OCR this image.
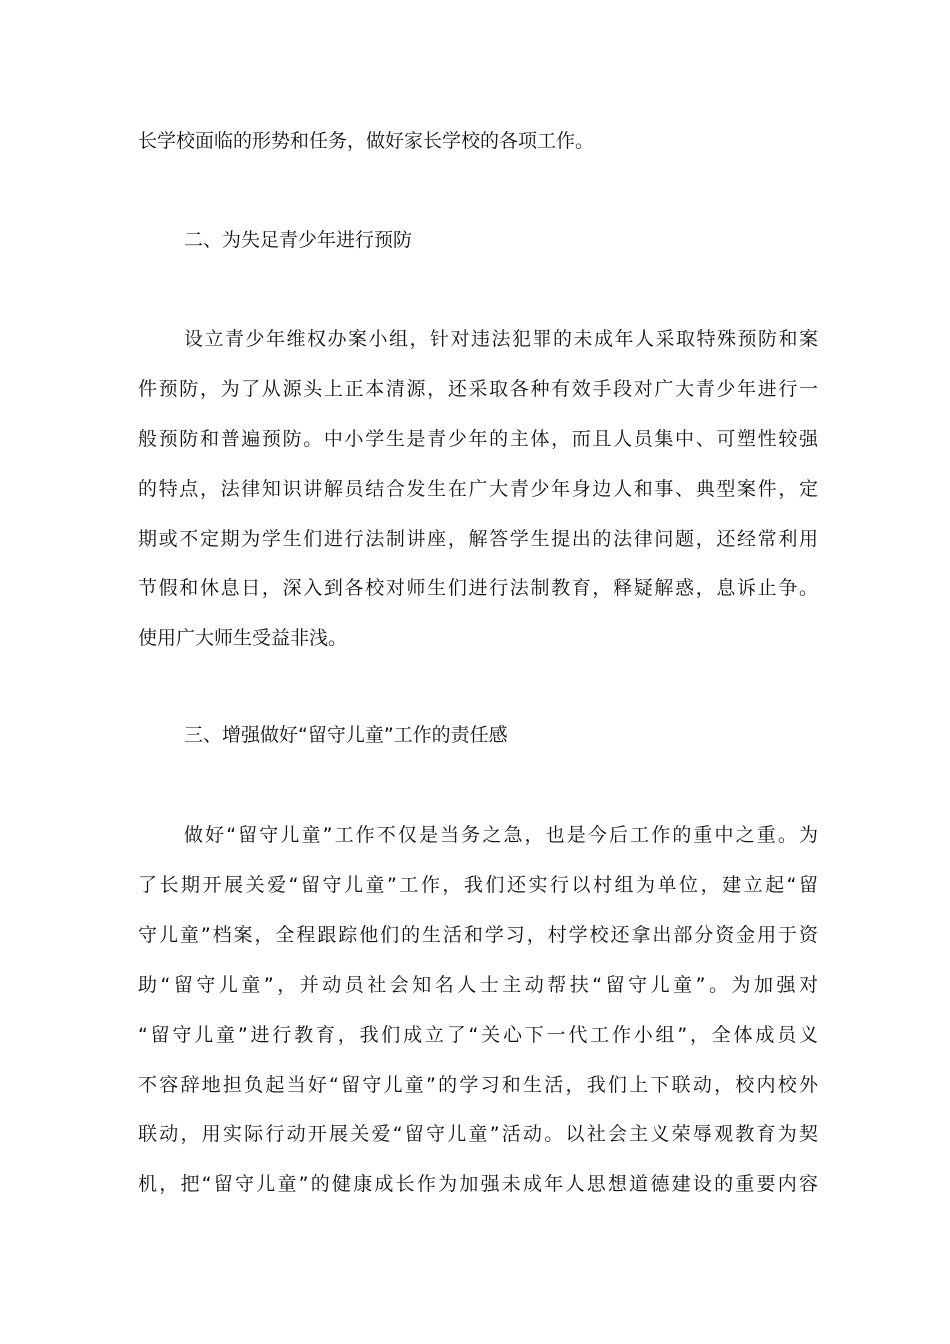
长学校面临的形势和任务，做好家长学校的各项工作。
二、为失足青少年进行预防
设立青少年维权办案小组，针对违法犯罪的未成年人采取特殊预防和案
件预防，为了从源头上正本清源，还采取各种有效手段对广大青少年进行一
般预防和普遍预防。中小学生是青少年的主体，而且人员集中、可塑性较强
的特点，法律知识讲解员结合发生在广大青少年身边人和事、典型案件，定
期或不定期为学生们进行法制讲座，解答学生提出的法律问题，还经常利用
节假和休息日，深入到各校对师生们进行法制教育，释疑解惑，息诉止争。
使用广大师生受益非浅。
三、增强做好“留守儿童”工作的责任感
做好“留守儿童”工作不仅是当务之急，也是今后工作的重中之重。为
了长期开展关爱“留守儿童”工作，我们还实行以村组为单位，建立起“留
守儿童”档案，全程跟踪他们的生活和学习，村学校还拿出部分资金用于资
助“留守儿童”，并动员社会知名人士主动帮扶“留守儿童”。为加强对
“留守儿童”进行教育，我们成立了“关心下一代工作小组”，全体成员义
不容辞地担负起当好“留守儿童”的学习和生活，我们上下联动，校内校外
联动，用实际行动开展关爱“留守儿童”活动。以社会主义荣辱观教育为契
机，把“留守儿童”的健康成长作为加强未成年人思想道德建设的重要内容
